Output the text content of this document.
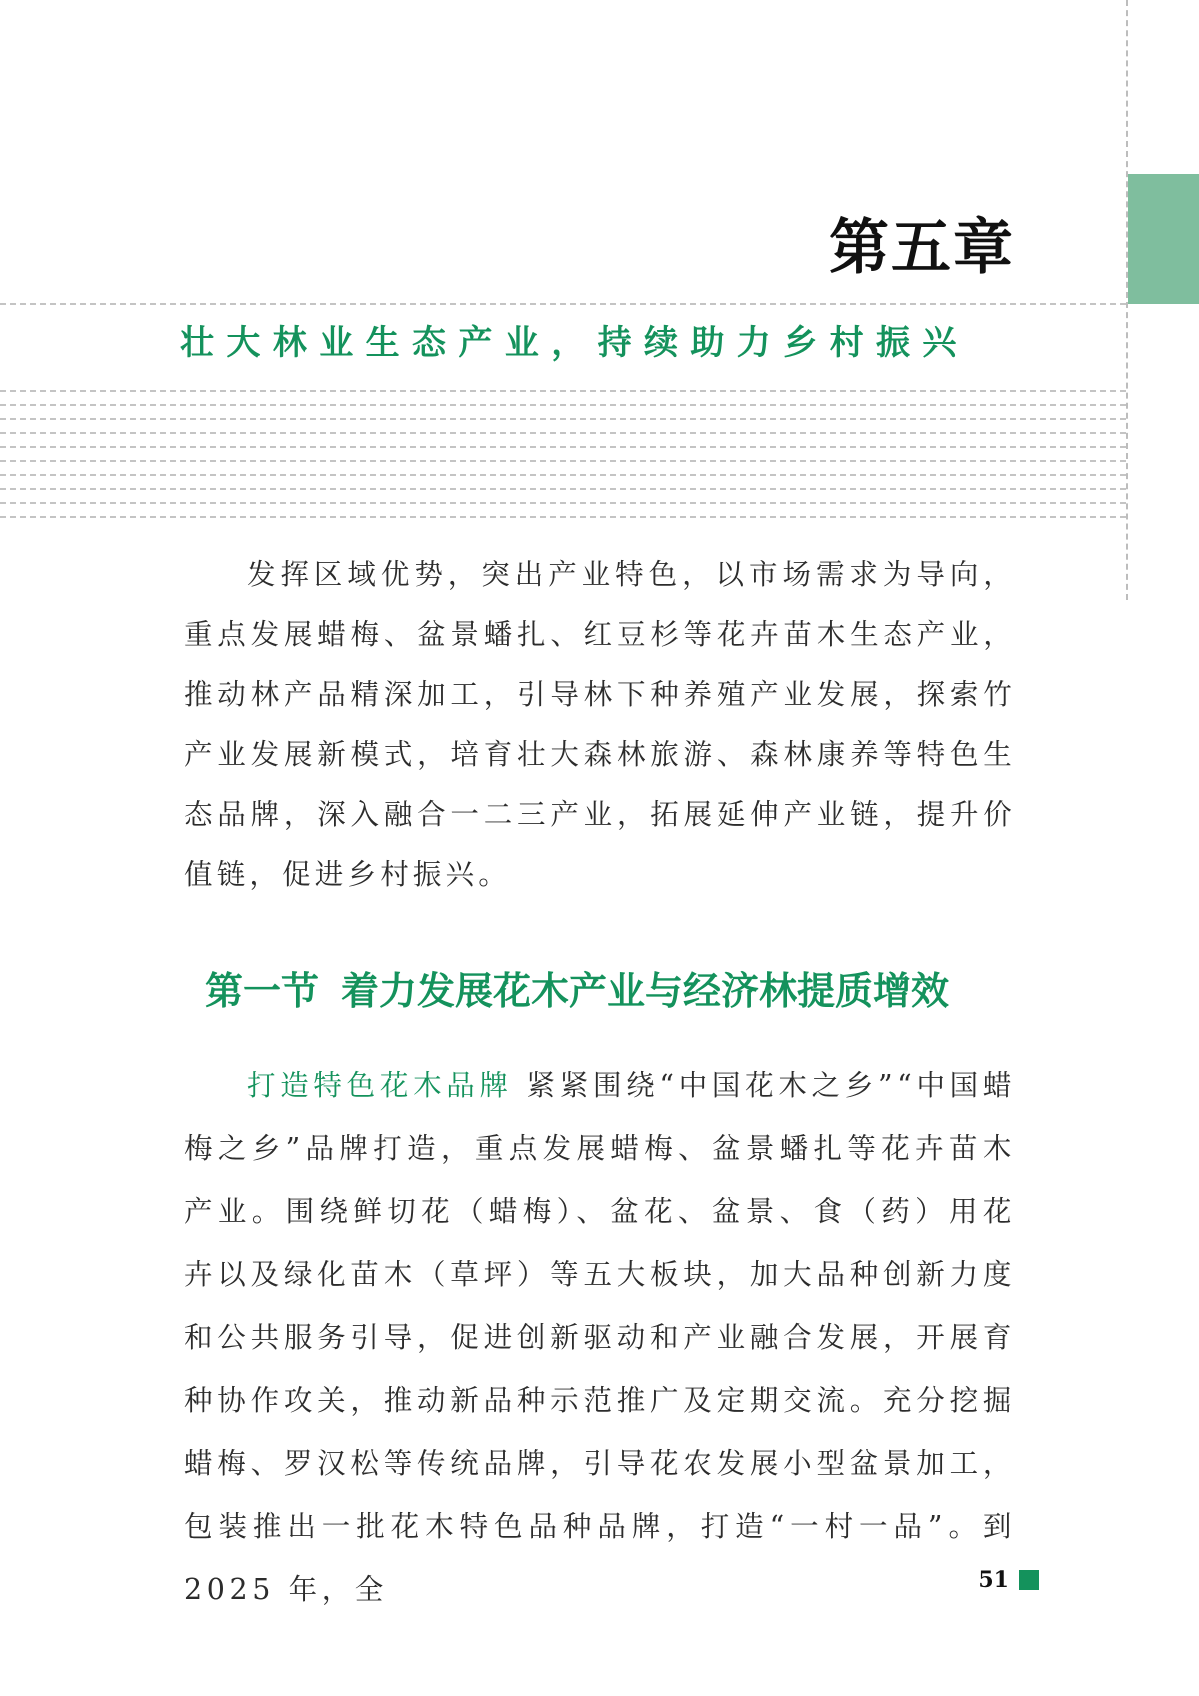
第五章
壮大林业生态产业，持续助力乡村振兴

发挥区域优势，突出产业特色，以市场需求为导向，重点发展蜡梅、盆景蟠扎、红豆杉等花卉苗木生态产业，推动林产品精深加工，引导林下种养殖产业发展，探索竹产业发展新模式，培育壮大森林旅游、森林康养等特色生态品牌，深入融合一二三产业，拓展延伸产业链，提升价值链，促进乡村振兴。

第一节 着力发展花木产业与经济林提质增效

打造特色花木品牌 紧紧围绕“中国花木之乡”“中国蜡梅之乡”品牌打造，重点发展蜡梅、盆景蟠扎等花卉苗木产业。围绕鲜切花（蜡梅）、盆花、盆景、食（药）用花卉以及绿化苗木（草坪）等五大板块，加大品种创新力度和公共服务引导，促进创新驱动和产业融合发展，开展育种协作攻关，推动新品种示范推广及定期交流。充分挖掘蜡梅、罗汉松等传统品牌，引导花农发展小型盆景加工，包装推出一批花木特色品种品牌，打造“一村一品”。到 2025 年，全	51
